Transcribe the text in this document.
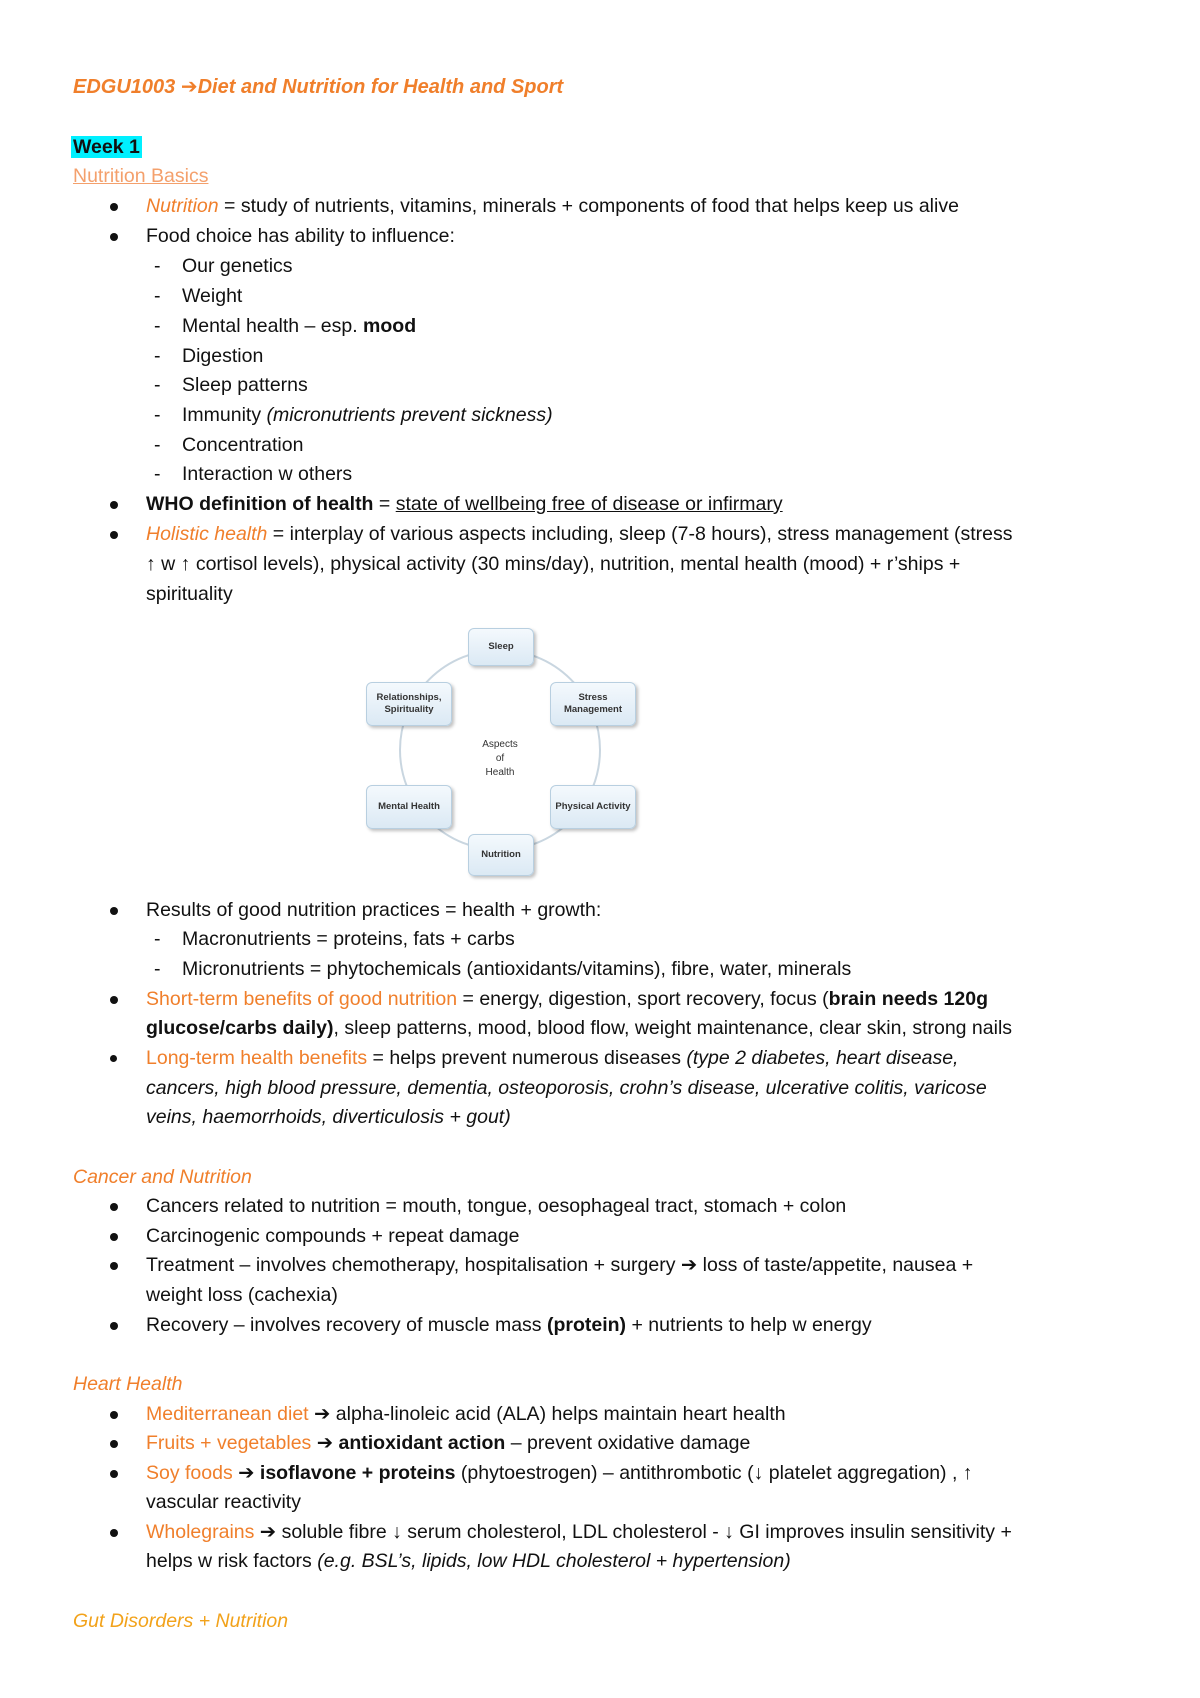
EDGU1003 ➔Diet and Nutrition for Health and Sport
Week 1
Nutrition Basics
Nutrition = study of nutrients, vitamins, minerals + components of food that helps keep us alive
Food choice has ability to influence:
- Our genetics
- Weight
- Mental health – esp. mood
- Digestion
- Sleep patterns
- Immunity (micronutrients prevent sickness)
- Concentration
- Interaction w others
WHO definition of health = state of wellbeing free of disease or infirmary
Holistic health = interplay of various aspects including, sleep (7-8 hours), stress management (stress
↑ w ↑ cortisol levels), physical activity (30 mins/day), nutrition, mental health (mood) + r’ships +
spirituality
Aspects
of
Health
Sleep
Stress
Management
Physical Activity
Nutrition
Mental Health
Relationships,
Spirituality
Results of good nutrition practices = health + growth:
- Macronutrients = proteins, fats + carbs
- Micronutrients = phytochemicals (antioxidants/vitamins), fibre, water, minerals
Short-term benefits of good nutrition = energy, digestion, sport recovery, focus (brain needs 120g
glucose/carbs daily), sleep patterns, mood, blood flow, weight maintenance, clear skin, strong nails
Long-term health benefits = helps prevent numerous diseases (type 2 diabetes, heart disease,
cancers, high blood pressure, dementia, osteoporosis, crohn’s disease, ulcerative colitis, varicose
veins, haemorrhoids, diverticulosis + gout)
Cancer and Nutrition
Cancers related to nutrition = mouth, tongue, oesophageal tract, stomach + colon
Carcinogenic compounds + repeat damage
Treatment – involves chemotherapy, hospitalisation + surgery ➔ loss of taste/appetite, nausea +
weight loss (cachexia)
Recovery – involves recovery of muscle mass (protein) + nutrients to help w energy
Heart Health
Mediterranean diet ➔ alpha-linoleic acid (ALA) helps maintain heart health
Fruits + vegetables ➔ antioxidant action – prevent oxidative damage
Soy foods ➔ isoflavone + proteins (phytoestrogen) – antithrombotic (↓ platelet aggregation) , ↑
vascular reactivity
Wholegrains ➔ soluble fibre ↓ serum cholesterol, LDL cholesterol - ↓ GI improves insulin sensitivity +
helps w risk factors (e.g. BSL’s, lipids, low HDL cholesterol + hypertension)
Gut Disorders + Nutrition
